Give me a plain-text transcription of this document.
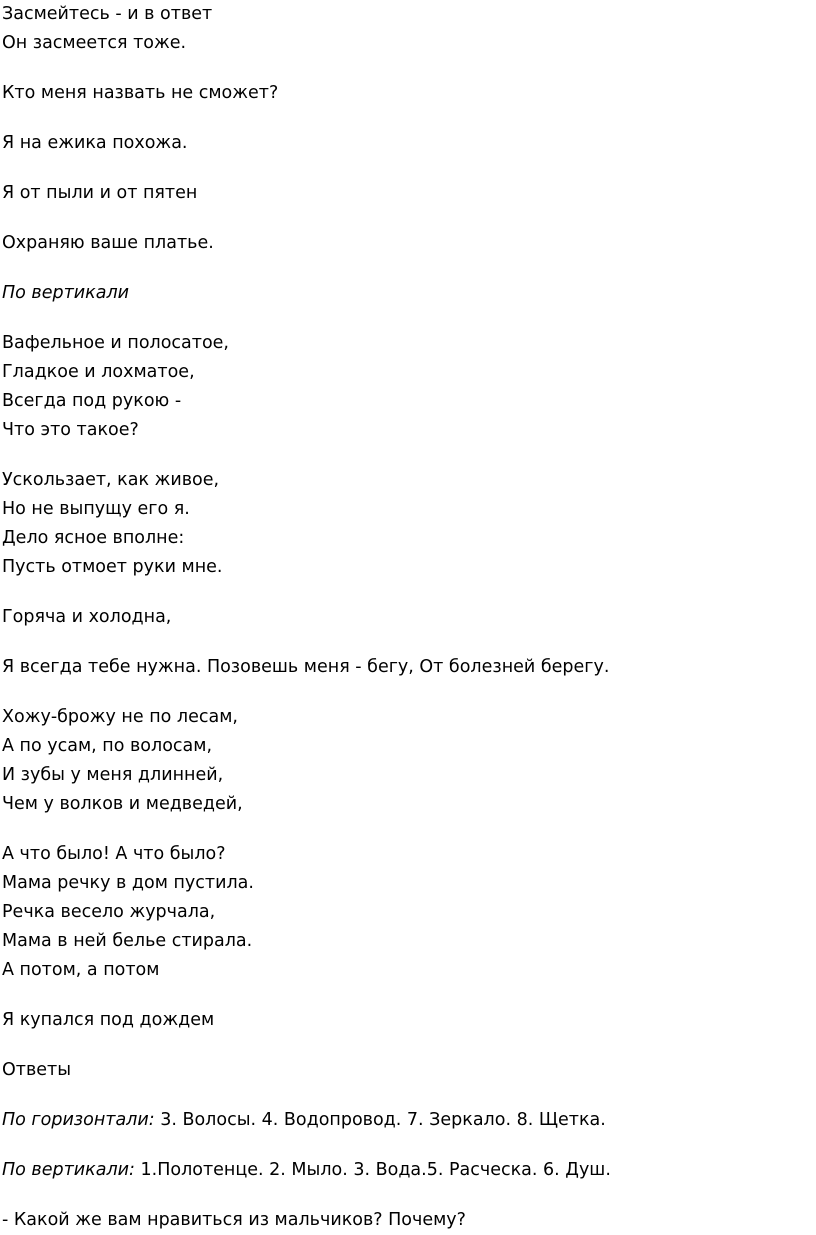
Засмейтесь - и в ответ
Он засмеется тоже.
Кто меня назвать не сможет?
Я на ежика похожа.
Я от пыли и от пятен
Охраняю ваше платье.
По вертикали
Вафельное и полосатое,
Гладкое и лохматое,
Всегда под рукою -
Что это такое?
Ускользает, как живое,
Но не выпущу его я.
Дело ясное вполне:
Пусть отмоет руки мне.
Горяча и холодна,
Я всегда тебе нужна. Позовешь меня - бегу, От болезней берегу.
Хожу-брожу не по лесам,
А по усам, по волосам,
И зубы у меня длинней,
Чем у волков и медведей,
А что было! А что было?
Мама речку в дом пустила.
Речка весело журчала,
Мама в ней белье стирала.
А потом, а потом
Я купался под дождем
Ответы
По горизонтали: 3. Волосы. 4. Водопровод. 7. Зеркало. 8. Щетка.
По вертикали: 1.Полотенце. 2. Мыло. 3. Вода.5. Расческа. 6. Душ.
- Какой же вам нравиться из мальчиков? Почему?
